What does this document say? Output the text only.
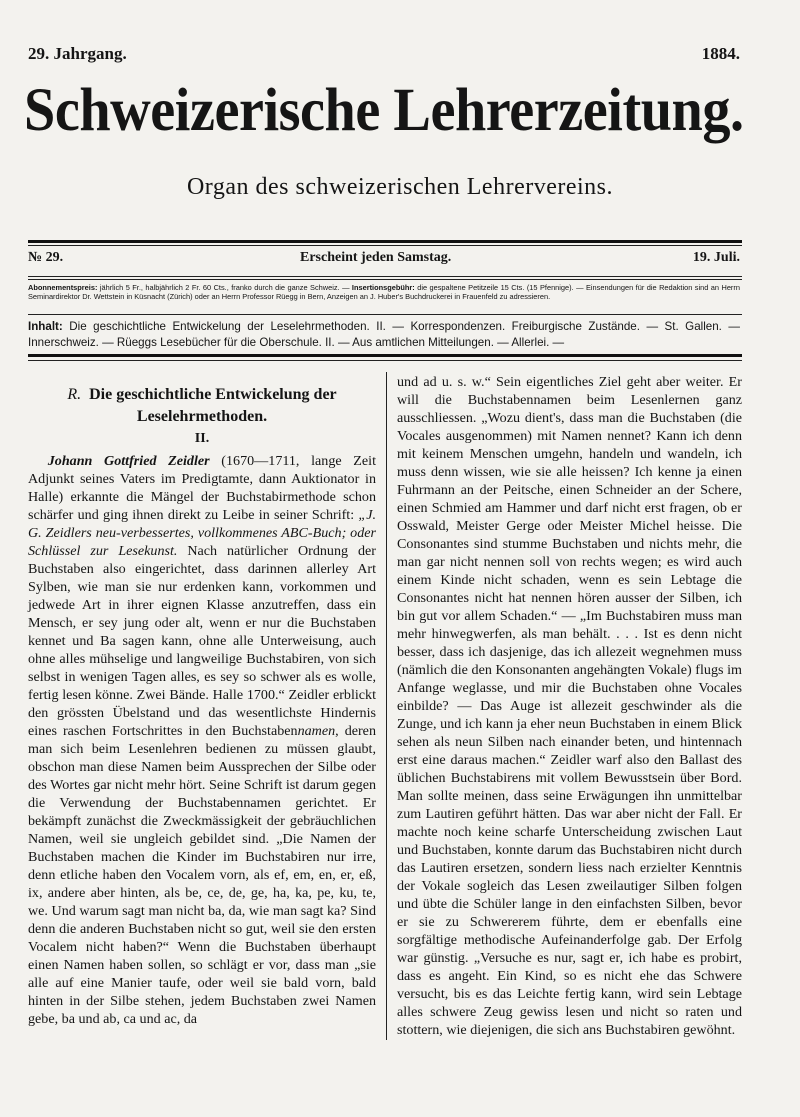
29. Jahrgang.	1884.
Schweizerische Lehrerzeitung.
Organ des schweizerischen Lehrervereins.
№ 29.	Erscheint jeden Samstag.	19. Juli.
Abonnementspreis: jährlich 5 Fr., halbjährlich 2 Fr. 60 Cts., franko durch die ganze Schweiz. — Insertionsgebühr: die gespaltene Petitzeile 15 Cts. (15 Pfennige). — Einsendungen für die Redaktion sind an Herrn Seminardirektor Dr. Wettstein in Küsnacht (Zürich) oder an Herrn Professor Rüegg in Bern, Anzeigen an J. Huber's Buchdruckerei in Frauenfeld zu adressieren.
Inhalt: Die geschichtliche Entwickelung der Leselehrmethoden. II. — Korrespondenzen. Freiburgische Zustände. — St. Gallen. — Innerschweiz. — Rüeggs Lesebücher für die Oberschule. II. — Aus amtlichen Mitteilungen. — Allerlei. —
R. Die geschichtliche Entwickelung der Leselehrmethoden.
II.

Johann Gottfried Zeidler (1670—1711, lange Zeit Adjunkt seines Vaters im Predigtamte, dann Auktionator in Halle) erkannte die Mängel der Buchstabirmethode schon schärfer und ging ihnen direkt zu Leibe in seiner Schrift: „J. G. Zeidlers neu-verbessertes, vollkommenes ABC-Buch; oder Schlüssel zur Lesekunst. Nach natürlicher Ordnung der Buchstaben also eingerichtet, dass darinnen allerley Art Sylben, wie man sie nur erdenken kann, vorkommen und jedwede Art in ihrer eignen Klasse anzutreffen, dass ein Mensch, er sey jung oder alt, wenn er nur die Buchstaben kennet und Ba sagen kann, ohne alle Unterweisung, auch ohne alles mühselige und langweilige Buchstabiren, von sich selbst in wenigen Tagen alles, es sey so schwer als es wolle, fertig lesen könne. Zwei Bände. Halle 1700.“ Zeidler erblickt den grössten Übelstand und das wesentlichste Hindernis eines raschen Fortschrittes in den Buchstabennamen, deren man sich beim Lesenlehren bedienen zu müssen glaubt, obschon man diese Namen beim Aussprechen der Silbe oder des Wortes gar nicht mehr hört. Seine Schrift ist darum gegen die Verwendung der Buchstabennamen gerichtet. Er bekämpft zunächst die Zweckmässigkeit der gebräuchlichen Namen, weil sie ungleich gebildet sind. „Die Namen der Buchstaben machen die Kinder im Buchstabiren nur irre, denn etliche haben den Vocalem vorn, als ef, em, en, er, eß, ix, andere aber hinten, als be, ce, de, ge, ha, ka, pe, ku, te, we. Und warum sagt man nicht ba, da, wie man sagt ka? Sind denn die anderen Buchstaben nicht so gut, weil sie den ersten Vocalem nicht haben?“ Wenn die Buchstaben überhaupt einen Namen haben sollen, so schlägt er vor, dass man „sie alle auf eine Manier taufe, oder weil sie bald vorn, bald hinten in der Silbe stehen, jedem Buchstaben zwei Namen gebe, ba und ab, ca und ac, da

und ad u. s. w.“ Sein eigentliches Ziel geht aber weiter. Er will die Buchstabennamen beim Lesenlernen ganz ausschliessen. „Wozu dient's, dass man die Buchstaben (die Vocales ausgenommen) mit Namen nennet? Kann ich denn mit keinem Menschen umgehn, handeln und wandeln, ich muss denn wissen, wie sie alle heissen? Ich kenne ja einen Fuhrmann an der Peitsche, einen Schneider an der Schere, einen Schmied am Hammer und darf nicht erst fragen, ob er Osswald, Meister Gerge oder Meister Michel heisse. Die Consonantes sind stumme Buchstaben und nichts mehr, die man gar nicht nennen soll von rechts wegen; es wird auch einem Kinde nicht schaden, wenn es sein Lebtage die Consonantes nicht hat nennen hören ausser der Silben, ich bin gut vor allem Schaden.“ — „Im Buchstabiren muss man mehr hinwegwerfen, als man behält. . . . Ist es denn nicht besser, dass ich dasjenige, das ich allezeit wegnehmen muss (nämlich die den Konsonanten angehängten Vokale) flugs im Anfange weglasse, und mir die Buchstaben ohne Vocales einbilde? — Das Auge ist allezeit geschwinder als die Zunge, und ich kann ja eher neun Buchstaben in einem Blick sehen als neun Silben nach einander beten, und hintennach erst eine daraus machen.“ Zeidler warf also den Ballast des üblichen Buchstabirens mit vollem Bewusstsein über Bord. Man sollte meinen, dass seine Erwägungen ihn unmittelbar zum Lautiren geführt hätten. Das war aber nicht der Fall. Er machte noch keine scharfe Unterscheidung zwischen Laut und Buchstaben, konnte darum das Buchstabiren nicht durch das Lautiren ersetzen, sondern liess nach erzielter Kenntnis der Vokale sogleich das Lesen zweilautiger Silben folgen und übte die Schüler lange in den einfachsten Silben, bevor er sie zu Schwererem führte, dem er ebenfalls eine sorgfältige methodische Aufeinanderfolge gab. Der Erfolg war günstig. „Versuche es nur, sagt er, ich habe es probirt, dass es angeht. Ein Kind, so es nicht ehe das Schwere versucht, bis es das Leichte fertig kann, wird sein Lebtage alles schwere Zeug gewiss lesen und nicht so raten und stottern, wie diejenigen, die sich ans Buchstabiren gewöhnt.
